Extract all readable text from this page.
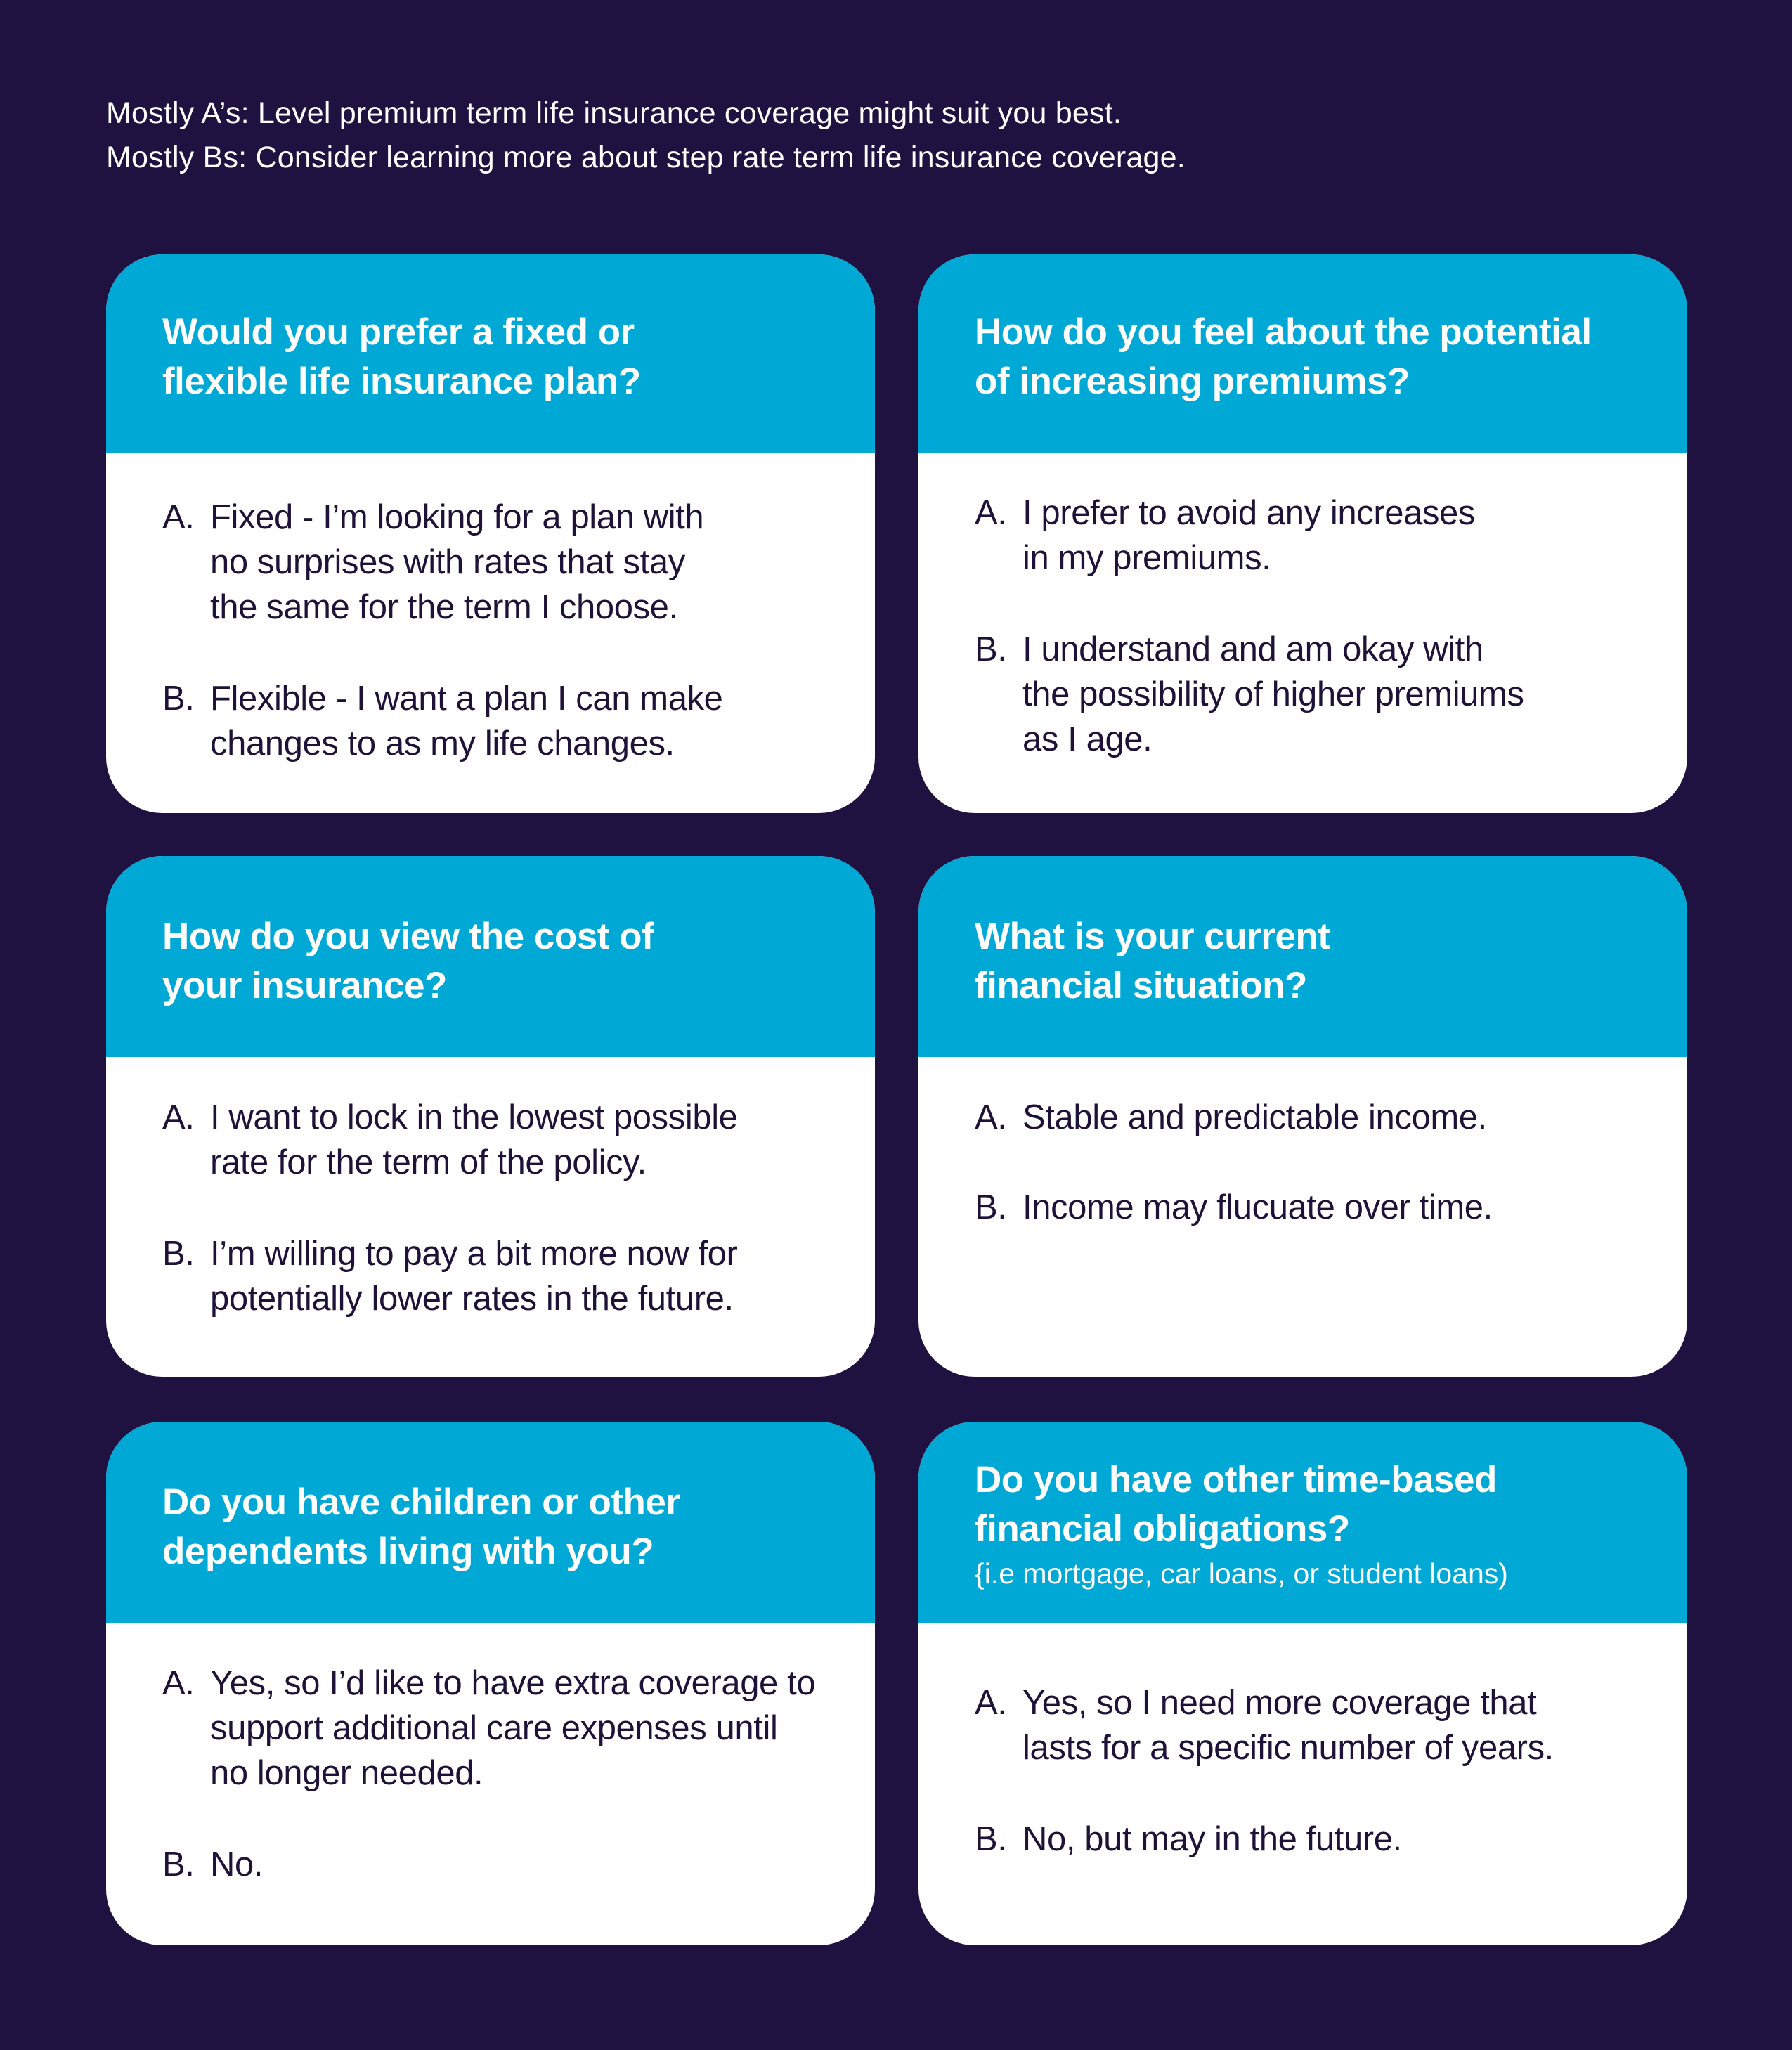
Mostly A’s: Level premium term life insurance coverage might suit you best.
Mostly Bs: Consider learning more about step rate term life insurance coverage.
Would you prefer a fixed or
flexible life insurance plan?
A. Fixed - I’m looking for a plan with
no surprises with rates that stay
the same for the term I choose.
B. Flexible - I want a plan I can make
changes to as my life changes.
How do you feel about the potential
of increasing premiums?
A. I prefer to avoid any increases
in my premiums.
B. I understand and am okay with
the possibility of higher premiums
as I age.
How do you view the cost of
your insurance?
A. I want to lock in the lowest possible
rate for the term of the policy.
B. I’m willing to pay a bit more now for
potentially lower rates in the future.
What is your current
financial situation?
A. Stable and predictable income.
B. Income may flucuate over time.
Do you have children or other
dependents living with you?
A. Yes, so I’d like to have extra coverage to
support additional care expenses until
no longer needed.
B. No.
Do you have other time-based
financial obligations?
{i.e mortgage, car loans, or student loans)
A. Yes, so I need more coverage that
lasts for a specific number of years.
B. No, but may in the future.
